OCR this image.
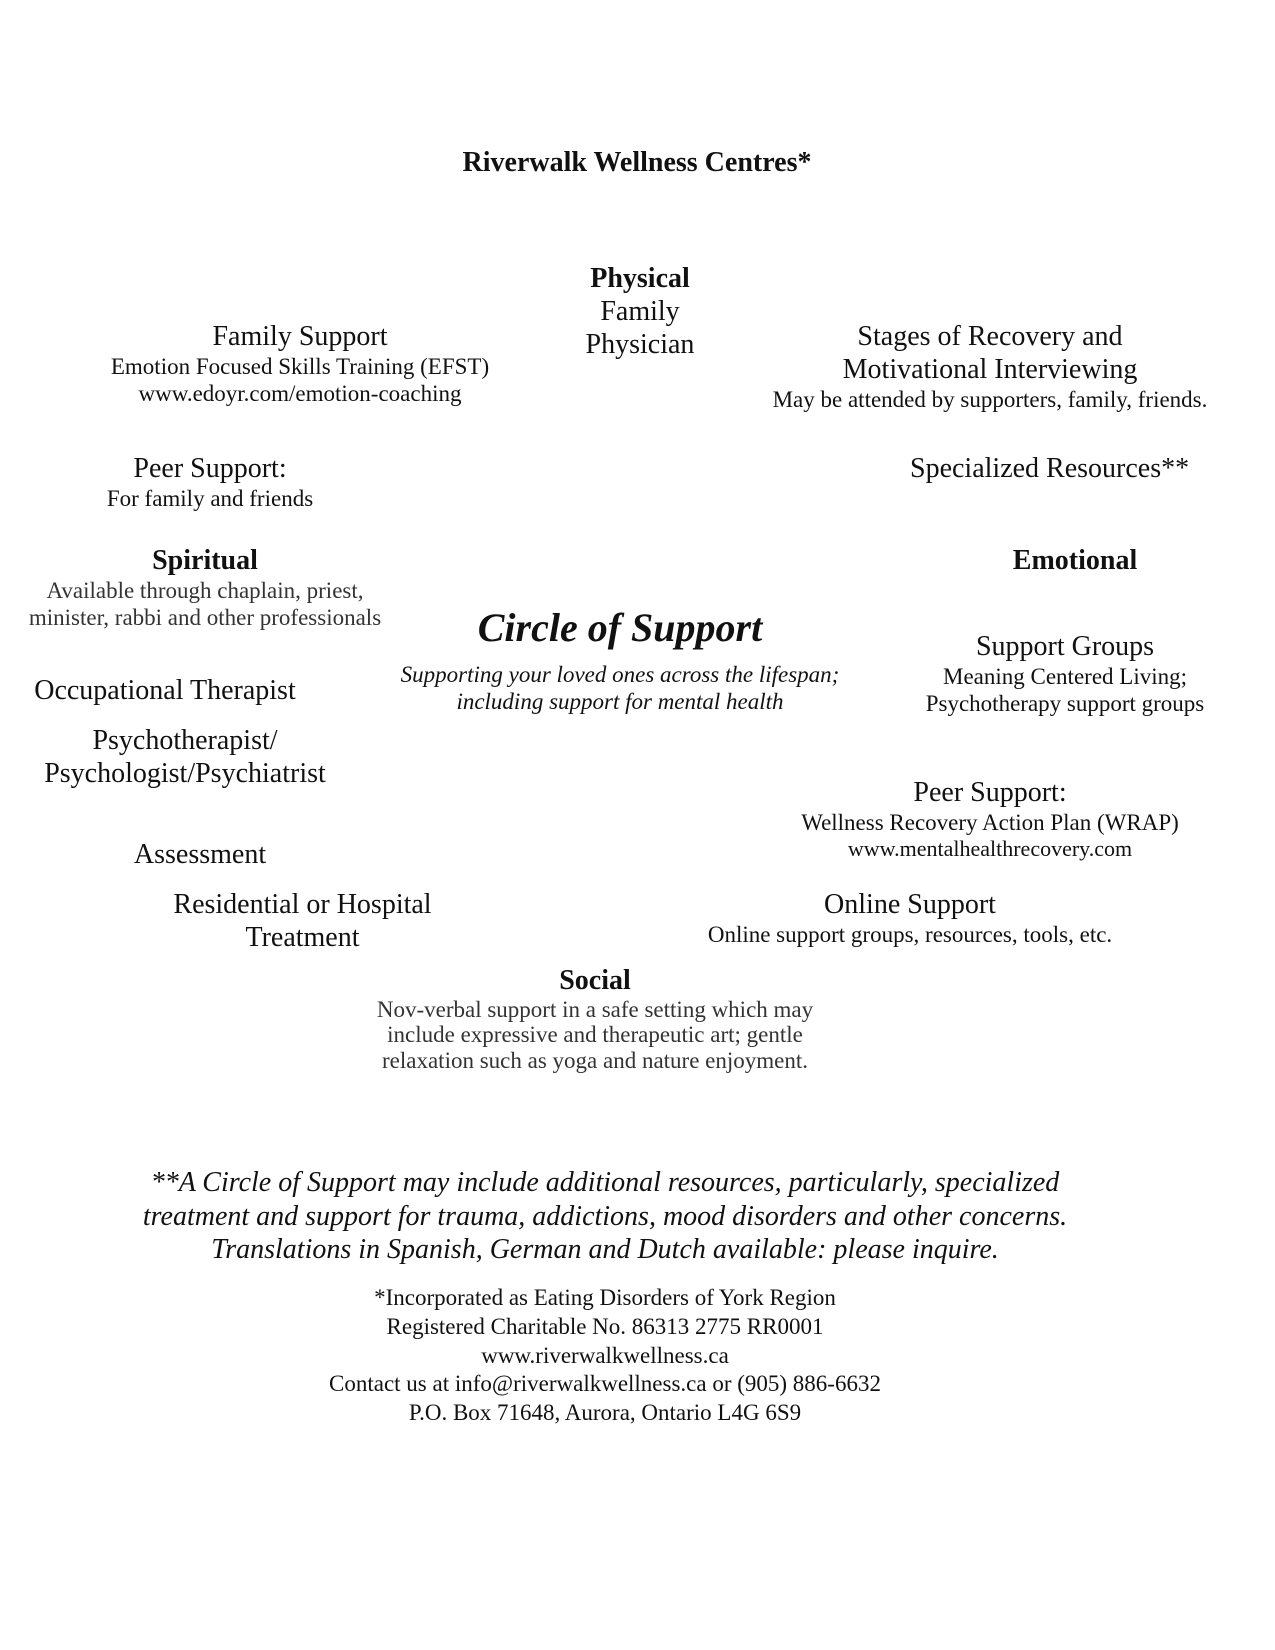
Riverwalk Wellness Centres*
Physical
Family
Physician
Family Support
Emotion Focused Skills Training (EFST)
www.edoyr.com/emotion-coaching
Stages of Recovery and
Motivational Interviewing
May be attended by supporters, family, friends.
Peer Support:
For family and friends
Specialized Resources**
Spiritual
Available through chaplain, priest,
minister, rabbi and other professionals
Emotional
Circle of Support
Supporting your loved ones across the lifespan;
including support for mental health
Support Groups
Meaning Centered Living;
Psychotherapy support groups
Occupational Therapist
Psychotherapist/
Psychologist/Psychiatrist
Peer Support:
Wellness Recovery Action Plan (WRAP)
www.mentalhealthrecovery.com
Assessment
Residential or Hospital
Treatment
Online Support
Online support groups, resources, tools, etc.
Social
Nov-verbal support in a safe setting which may
include expressive and therapeutic art; gentle
relaxation such as yoga and nature enjoyment.
**A Circle of Support may include additional resources, particularly, specialized
treatment and support for trauma, addictions, mood disorders and other concerns.
Translations in Spanish, German and Dutch available: please inquire.
*Incorporated as Eating Disorders of York Region
Registered Charitable No. 86313 2775 RR0001
www.riverwalkwellness.ca
Contact us at info@riverwalkwellness.ca or (905) 886-6632
P.O. Box 71648, Aurora, Ontario L4G 6S9
